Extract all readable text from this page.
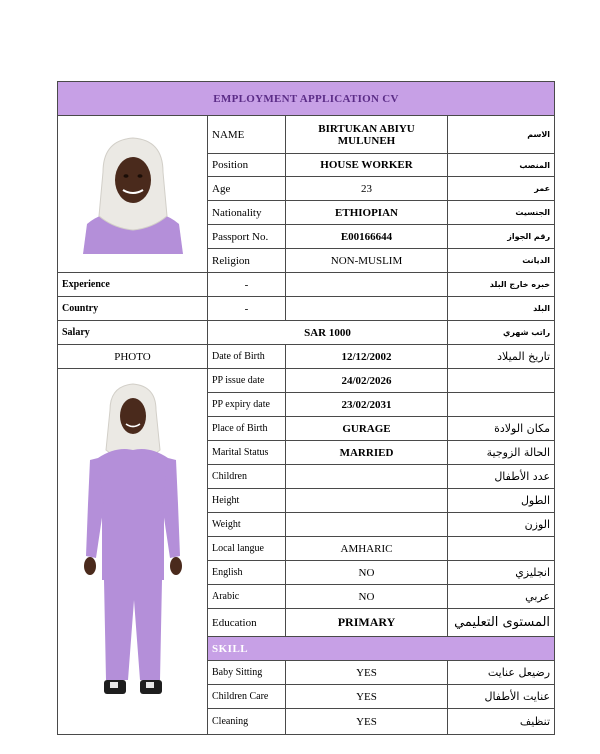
EMPLOYMENT APPLICATION CV			
	NAME	BIRTUKAN ABIYU MULUNEH	الاسم
	Position	HOUSE WORKER	المنصب
	Age	23	عمر
	Nationality	ETHIOPIAN	الجنسيت
	Passport No.	E00166644	رقم الجواز
	Religion	NON-MUSLIM	الديانت
Experience	-		خبره خارج البلد
Country	-		البلد
Salary	SAR 1000		راتب شهري
PHOTO	Date of Birth	12/12/2002	تاريخ الميلاد
	PP issue date	24/02/2026	
	PP expiry date	23/02/2031	
	Place of Birth	GURAGE	مكان الولادة
	Marital Status	MARRIED	الحالة الزوجية
	Children		عدد الأطفال
	Height		الطول
	Weight		الوزن
	Local langue	AMHARIC	
	English	NO	انجليزي
	Arabic	NO	عربي
	Education	PRIMARY	المستوى التعليمي
	SKILL		
	Baby Sitting	YES	رضيعل عنايت
	Children Care	YES	عنايت الأطفال
	Cleaning	YES	تنظيف
